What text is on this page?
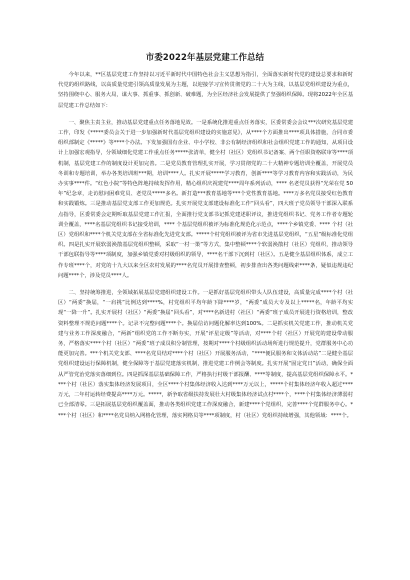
市委2022年基层党建工作总结

今年以来，**区基层党建工作坚持以习近平新时代中国特色社会主义思想为指引，全面落实新时代党的建设总要求和新时代党的组织路线，以高质量党建引领高质量发展为主题，以迎接学习宣传贯彻党的二十大为主线，以基层党组织建设为重点，坚持围绕中心、服务大局，谋大事、抓重事、抓创新、破难题，为全区经济社会发展提供了坚强组织保障。现将2022年全区基层党建工作总结如下：

一、聚焦主责主业，推动基层党建重点任务落地见效。一是系统化推进重点任务落实，区委常委会会议***次研究基层党建工作，印发《*****委员会关于进一步加强新时代基层党组织建设的实施意见》，从****个方面推出****项具体措施，合同市委组织部制定《*****》等****个办法。下发加强国有企业、中小学校、非公有制经济组织和社会组织党建工作的通知，从项目设计上加强宏观指导，分领域细化党建工作重点任务*****张清单，健全村（社区）党组织书记备案、两个任职资格联审等****项机制，基层党建工作的制度设计更加完善。二是党员教育管理扎实开展，学习贯彻党的二十大精神专题培训全覆盖，开展党员冬训和专题培训，举办各类培训班***期，培训****人。扎实开展*****学习教育，创新****等学习教育内容和实践活动，为民办实事****件。“红色小院”等特色阵地持续发挥作用，精心组织庆祝建党****周年系列活动，**** 名老党员获得“光荣在党 50 年”纪念章，走访慰问困难党员、老党员*****多名。新打造***教育基地等***个党性教育基地。****万多名党员接受红色教育和实践锻炼。三是推动基层党支部工作更加规范。扎实开展党支部建设标准化工作“回头看”，四大班子党员领导干部深入联系点指导，区委常委会定期听取基层党建工作汇报，全面推行党支部书记抓党建述职评议，推进党组织书记、党务工作者专题轮训全覆盖，****名基层党组织书记接受培训，**** 个基层党组织被评为标准化规范化示范点，****个乡镇党委、**** 个村（社区）党组织和****个机关党支部在全省标准化先进党支部。*****个村党组织被评为省市先进基层党组织，“五星”级标准化党组织。四是扎实开展软弱涣散基层党组织整顿，采取“一村一策”等方式，集中整顿****个软弱涣散村（社区）党组织，推动领导干部包联指导等****项制度，加强乡镇党委对村级组织的领导，****名干部下沉到村（社区）。五是健全基层组织体系，成立工作专班****个，对党的十九大以来全区农村发展的****名党员开展排查整顿，初步排查出各类问题线索****条，疑似违规违纪问题****个，涉及党员****人。

二、坚持统筹推进，全领域拓展基层党建组织建设工作。一是抓好基层党组织带头人队伍建设，高质量完成****个村（社区）“两委”换届，“一肩挑”比例达到****%，村党组织平均年龄下降****岁，“两委”成员大专及以上*****名，年龄平均实现“一降一升”。扎实开展村（社区）“两委”换届“回头看”，对****名新进村（社区）“两委”班子成员开展进行资格培训，整改资料整理不规范问题****个。记录不完整问题****个。换届信访问题化解率达到100%。二是抓实机关党建工作，推动机关党建与业务工作深度融合，“两新”组织党的工作不断夯实，开展“评星定级”等活动，对****个村（社区）开展党的建设带动服务，严格落实****个村（社区）“两委”班子成员积分制管理，按期对****个村级组织活动场所进行规范提升，党群服务中心功能更加完善。***个机关党支部、****名党员结对****个村（社区）开展服务活动，“****便民服务和文体活动站”二是健全基层党组织建设运行保障机制，健全保障等于基层党建落实机制，推进党建工作例会等制度。扎实开展“固定党日”活动，确保全面从严管党治党落实落细到位。四是抓深基层基础保障工作，严格执行村级干部报酬、****等制度，提高基层党组织保障水平。****个村（社区）落实集体经济发展项目，全区****个村集体经济收入达到****万元以上，*****个村集体经济年收入超过****万元，二年村运转经费提高****万元。*****，新争取省级扶持发展壮大村级集体经济试点村****个，****个村集体经济薄弱村已全部清零。三是拓展基层党组织覆盖面，推动各类组织党建工作深度融合，新建****个党组织，完善****个党群服务中心。****个村（社区）和****名党员纳入网格化管理，落实网格员等****项制度，村（社区）党组织持续增强，其他领域：****个。
